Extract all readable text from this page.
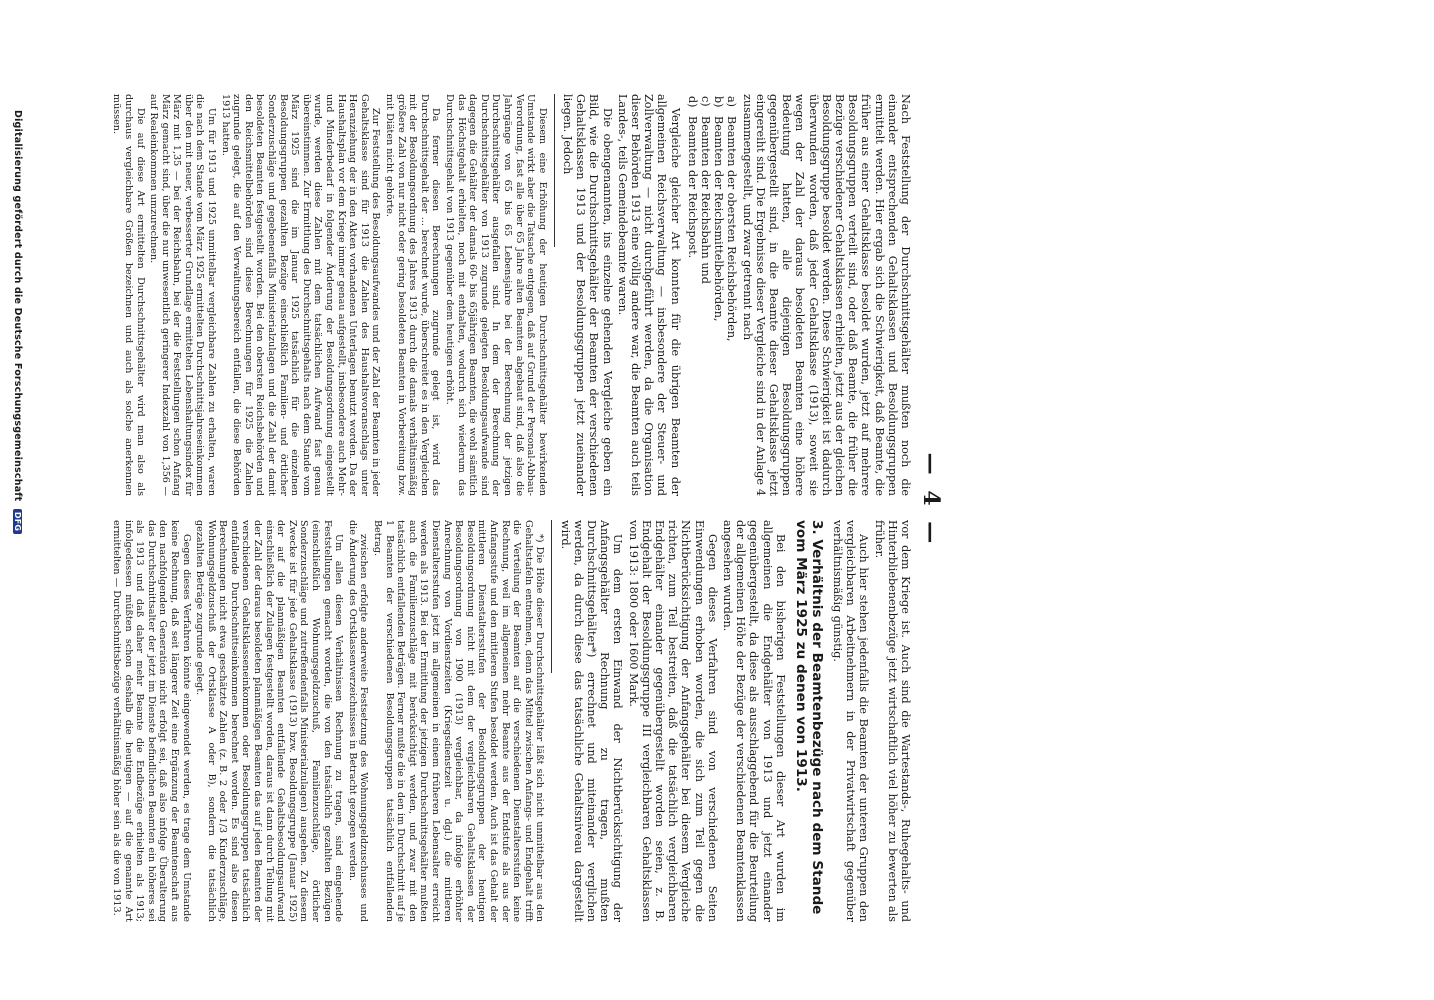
— 4 —

Nach Feststellung der Durchschnittsgehälter mußten noch die einander entsprechenden Gehaltsklassen und Besoldungsgruppen ermittelt werden. Hier ergab sich die Schwierigkeit, daß Beamte, die früher aus einer Gehaltsklasse besoldet wurden, jetzt auf mehrere Besoldungsgruppen verteilt sind, oder daß Beamte, die früher die Bezüge verschiedener Gehaltsklassen erhielten, jetzt aus der gleichen Besoldungsgruppe besoldet werden. Diese Schwierigkeit ist dadurch überwunden worden, daß jeder Gehaltsklasse (1913), soweit sie wegen der Zahl der daraus besoldeten Beamten eine höhere Bedeutung hatten, alle diejenigen Besoldungsgruppen gegenübergestellt sind, in die Beamte dieser Gehaltsklasse jetzt eingereiht sind. Die Ergebnisse dieser Vergleiche sind in der Anlage 4 zusammengestellt, und zwar getrennt nach

a)Beamten der obersten Reichsbehörden,
b)Beamten der Reichsmittelbehörden,
c)Beamten der Reichsbahn und
d)Beamten der Reichspost.

Vergleiche gleicher Art konnten für die übrigen Beamten der allgemeinen Reichsverwaltung — insbesondere der Steuer- und Zollverwaltung — nicht durchgeführt werden, da die Organisation dieser Behörden 1913 eine völlig andere war, die Beamten auch teils Landes-, teils Gemeindebeamte waren.

Die obengenannten, ins einzelne gehenden Vergleiche geben ein Bild, wie die Durchschnittsgehälter der Beamten der verschiedenen Gehaltsklassen 1913 und der Besoldungsgruppen jetzt zueinander liegen. Jedoch

Diesem eine Erhöhung der heutigen Durchschnittsgehälter bewirkenden Umstande wirkt aber die Tatsache entgegen, daß auf Grund der Personal-Abbau-Verordnung, fast alle über 65 Jahre alten Beamten abgebaut sind, daß also die Jahrgänge von 65 bis 65 Lebensjahre bei der Berechnung der jetzigen Durchschnittsgehälter ausgefallen sind. In dem der Berechnung der Durchschnittsgehälter von 1913 zugrunde gelegten Besoldungsaufwande sind dagegen die Gehälter der damals 60- bis 65jährigen Beamten, die wohl sämtlich das Höchstgehalt erhielten, noch mit enthalten, wodurch sich wiederum das Durchschnittsgehalt von 1913 gegenüber dem heutigen erhöht.

Da ferner diesen Berechnungen zugrunde gelegt ist, wird das Durchschnittsgehalt der ... berechnet wurde, überschreitet es in den Vergleichen mit der Besoldungsordnung des Jahres 1913 durch die damals verhältnismäßig größere Zahl von nur nicht oder gering besoldeten Beamten in Vorbereitung bzw. mit Diäten nicht gehörte.

Zur Feststellung des Besoldungsaufwandes und der Zahl der Beamten in jeder Gehaltsklasse sind für 1913 die Zahlen des Haushaltsvoranschlags unter Heranziehung der in den Akten vorhandenen Unterlagen benutzt worden. Da der Haushaltsplan vor dem Kriege immer genau aufgestellt, insbesondere auch Mehr- und Minderbedarf in folgender Änderung der Besoldungsordnung eingestellt wurde, werden diese Zahlen mit dem tatsächlichen Aufwand fast genau übereinstimmen. Zur Ermittlung des Durchschnittsgehalts nach dem Stande vom März 1925 sind die im Januar 1925 tatsächlich für die einzelnen Besoldungsgruppen gezahlten Bezüge einschließlich Familien- und örtlicher Sonderzuschläge und gegebenenfalls Ministerialzulagen und die Zahl der damit besoldeten Beamten festgestellt worden. Bei den obersten Reichsbehörden und den Reichsmittelbehörden sind diese Berechnungen für 1925 die Zahlen zugrunde gelegt, die auf den Verwaltungsbereich entfallen, die diese Behörden 1913 hatten.

Um für 1913 und 1925 unmittelbar vergleichbare Zahlen zu erhalten, waren die nach dem Stande vom März 1925 ermittelten Durchschnittsjahreseinkommen über den mit neuer, verbesserter Grundlage ermittelten Lebenshaltungsindex für März mit 1,35 — bei der Reichsbahn, bei der die Feststellungen schon Anfang März gemacht sind, über die nur unwesentlich geringerer Indexzahl von 1,356 — auf Realeinkommen umzurechnen.

Die auf diese Art ermittelten Durchschnittsgehälter wird man also als durchaus vergleichbare Größen bezeichnen und auch als solche anerkennen müssen.

vor dem Kriege ist. Auch sind die Wartestands-, Ruhegehalts- und Hinterbliebenenbezüge jetzt wirtschaftlich viel höher zu bewerten als früher.

Auch hier stehen jedenfalls die Beamten der unteren Gruppen den vergleichbaren Arbeitnehmern in der Privatwirtschaft gegenüber verhältnismäßig günstig.

3. Verhältnis der Beamtenbezüge nach dem Stande vom März 1925 zu denen von 1913.

Bei den bisherigen Feststellungen dieser Art wurden im allgemeinen die Endgehälter von 1913 und jetzt einander gegenübergestellt, da diese als ausschlaggebend für die Beurteilung der allgemeinen Höhe der Bezüge der verschiedenen Beamtenklassen angesehen wurden.

Gegen dieses Verfahren sind von verschiedenen Seiten Einwendungen erhoben worden, die sich zum Teil gegen die Nichtberücksichtigung der Anfangsgehälter bei diesem Vergleiche richten, zum Teil bestreiten, daß die tatsächlich vergleichbaren Endgehälter einander gegenübergestellt worden seien, z. B. Endgehalt der Besoldungsgruppe III vergleichbaren Gehaltsklassen von 1913: 1800 oder 1600 Mark.

Um dem ersten Einwand der Nichtberücksichtigung der Anfangsgehälter Rechnung zu tragen, mußten Durchschnittsgehälter*) errechnet und miteinander verglichen werden, da durch diese das tatsächliche Gehaltsniveau dargestellt wird.

*) Die Höhe dieser Durchschnittsgehälter läßt sich nicht unmittelbar aus den Gehaltstafeln entnehmen, denn das Mittel zwischen Anfangs- und Endgehalt trifft die Verteilung der Beamten auf die verschiedenen Dienstaltersstufen keine Rechnung, weil im allgemeinen mehr Beamte aus der Endstufe als aus der Anfangsstufe und den mittleren Stufen besoldet werden. Auch ist das Gehalt der mittleren Dienstaltersstufen der Besoldungsgruppen der heutigen Besoldungsordnung nicht mit dem der vergleichbaren Gehaltsklassen der Besoldungsordnung von 1900 (1913) vergleichbar, da infolge erhöhter Anrechnung von Vordienstzeiten (Kriegsdienstzeit u. dgl.) die mittleren Dienstaltersstufen jetzt im allgemeinen in einem früheren Lebensalter erreicht werden als 1913. Bei der Ermittlung der jetzigen Durchschnittsgehälter mußten auch die Familienzuschläge mit berücksichtigt werden, und zwar mit den tatsächlich entfallenden Beträgen. Ferner mußte die in den im Durchschnitt auf je 1 Beamten der verschiedenen Besoldungsgruppen tatsächlich entfallenden Betrag.

zwischen erfolgte anderweite Festsetzung des Wohnungsgeldzuschusses und die Änderung des Ortsklassenverzeichnisses in Betracht gezogen werden.

Um allen diesen Verhältnissen Rechnung zu tragen, sind eingehende Feststellungen gemacht worden, die von den tatsächlich gezahlten Bezügen (einschließlich Wohnungsgeldzuschuß, Familienzuschläge, örtlicher Sonderzuschläge und zutreffendenfalls Ministerialzulagen) ausgehen. Zu diesem Zwecke ist für jede Gehaltsklasse (1913) bzw. Besoldungsgruppe (Januar 1925) der auf die planmäßigen Beamten entfallende Gehaltsbesoldungsaufwand einschließlich der Zulagen festgestellt worden, daraus ist dann durch Teilung mit der Zahl der daraus besoldeten planmäßigen Beamten das auf jeden Beamten der verschiedenen Gehaltsklasseneinkommen oder Besoldungsgruppen tatsächlich entfallende Durchschnittseinkommen berechnet worden. Es sind also diesen Berechnungen nicht etwa geschätzte Zahlen (z. B. 2 oder 1/3 Kinderzuschläge, Wohnungsgeldzuschuß der Ortsklasse A oder B), sondern die tatsächlich gezahlten Beträge zugrunde gelegt.

Gegen dieses Verfahren könnte eingewendet werden, es trage dem Umstande keine Rechnung, daß seit längerer Zeit eine Ergänzung der Beamtenschaft aus den nachfolgenden Generation nicht erfolgt sei, daß also infolge Überalterung das Durchschnittsalter der jetzt im Dienste befindlichen Beamten ein höheres sei als 1913 und daß daher mehr Beamte die Endbezüge erhielten als 1913; infolgedessen müßten schon deshalb die heutigen — auf die genannte Art ermittelten — Durchschnittsbezüge verhältnismäßig höher sein als die von 1913.

Digitalisierung gefördert durch die Deutsche Forschungsgemeinschaft DFG
